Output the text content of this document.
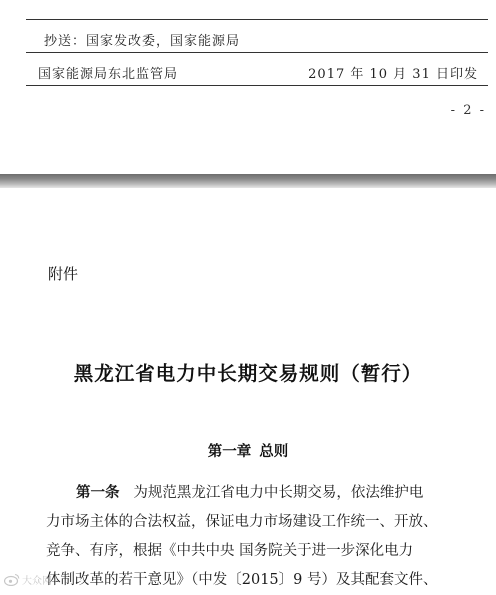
抄送：国家发改委，国家能源局
国家能源局东北监管局	2017 年 10 月 31 日印发
- 2 -
附件
黑龙江省电力中长期交易规则（暂行）
第一章 总则
第一条 为规范黑龙江省电力中长期交易，依法维护电
力市场主体的合法权益，保证电力市场建设工作统一、开放、
竞争、有序，根据《中共中央 国务院关于进一步深化电力
体制改革的若干意见》（中发〔2015〕9 号）及其配套文件、
大众网
